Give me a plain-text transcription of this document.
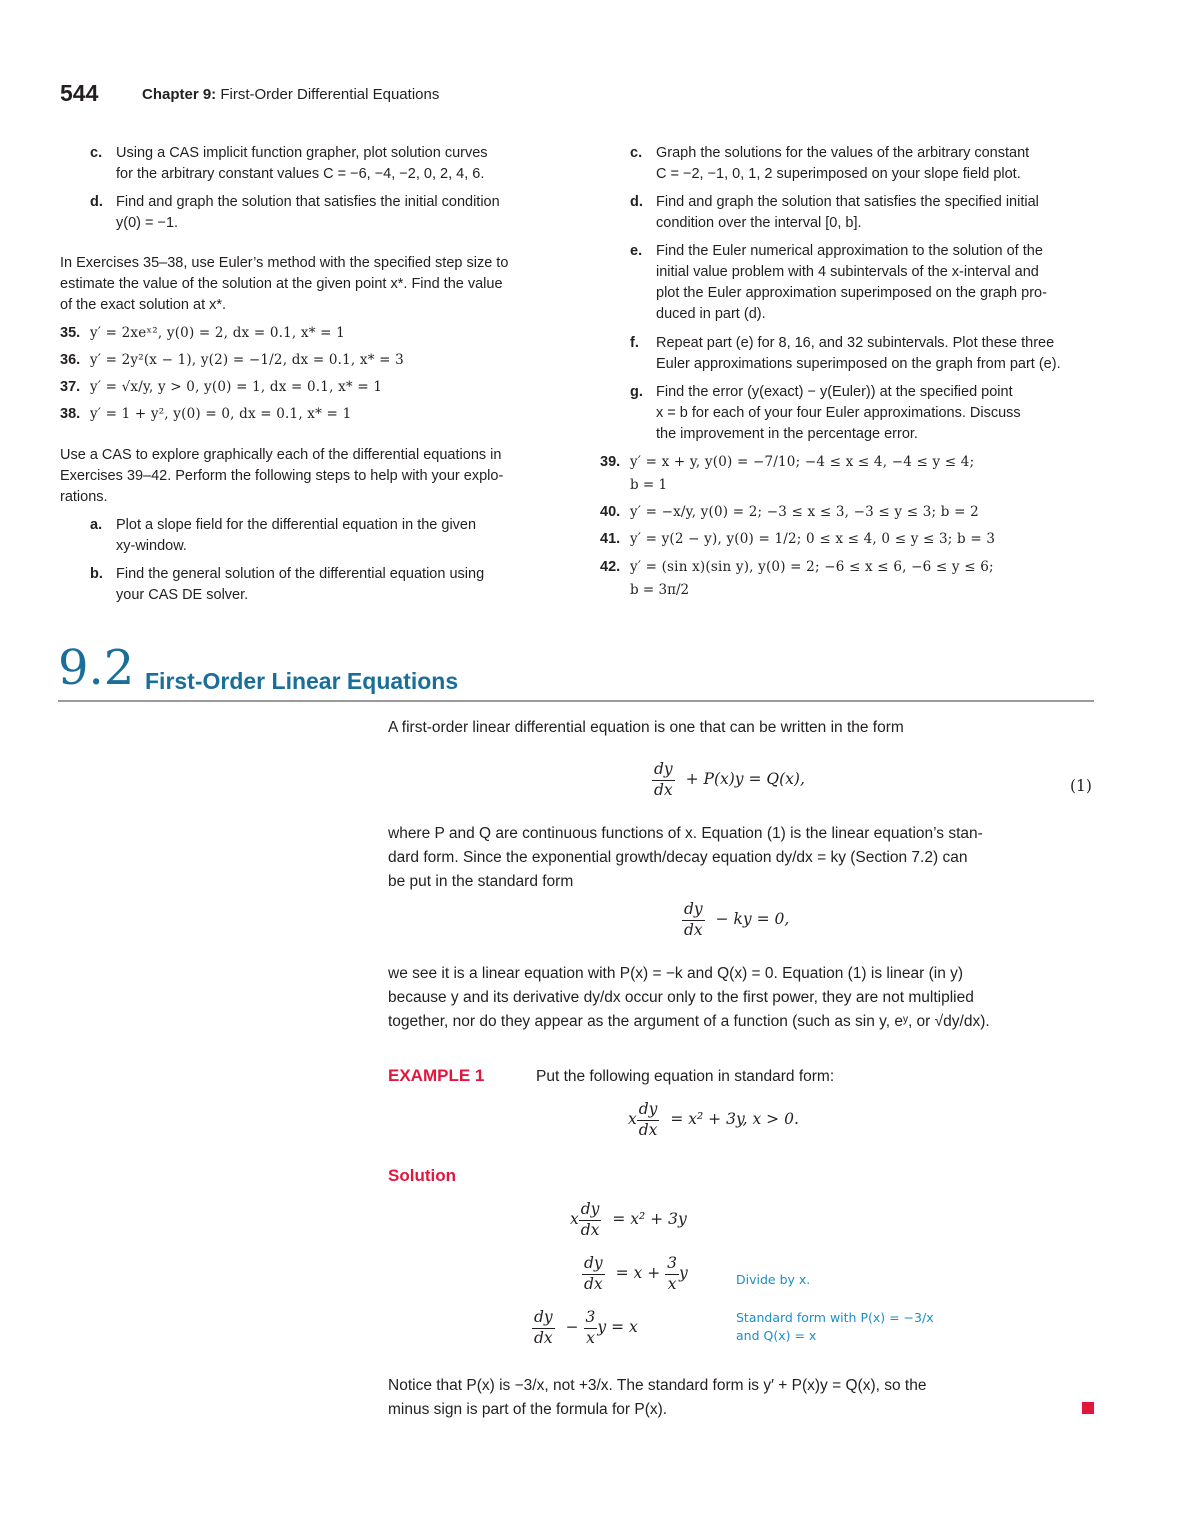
544	Chapter 9: First-Order Differential Equations
c. Using a CAS implicit function grapher, plot solution curves
for the arbitrary constant values C = −6, −4, −2, 0, 2, 4, 6.
d. Find and graph the solution that satisfies the initial condition
y(0) = −1.
In Exercises 35–38, use Euler’s method with the specified step size to
estimate the value of the solution at the given point x*. Find the value
of the exact solution at x*.
35. y′ = 2xeˣ², y(0) = 2, dx = 0.1, x* = 1
36. y′ = 2y²(x − 1), y(2) = −1/2, dx = 0.1, x* = 3
37. y′ = √x/y, y > 0, y(0) = 1, dx = 0.1, x* = 1
38. y′ = 1 + y², y(0) = 0, dx = 0.1, x* = 1
Use a CAS to explore graphically each of the differential equations in
Exercises 39–42. Perform the following steps to help with your explo-
rations.
a. Plot a slope field for the differential equation in the given
xy-window.
b. Find the general solution of the differential equation using
your CAS DE solver.
c. Graph the solutions for the values of the arbitrary constant
C = −2, −1, 0, 1, 2 superimposed on your slope field plot.
d. Find and graph the solution that satisfies the specified initial
condition over the interval [0, b].
e. Find the Euler numerical approximation to the solution of the
initial value problem with 4 subintervals of the x-interval and
plot the Euler approximation superimposed on the graph pro-
duced in part (d).
f. Repeat part (e) for 8, 16, and 32 subintervals. Plot these three
Euler approximations superimposed on the graph from part (e).
g. Find the error (y(exact) − y(Euler)) at the specified point
x = b for each of your four Euler approximations. Discuss
the improvement in the percentage error.
39. y′ = x + y, y(0) = −7/10; −4 ≤ x ≤ 4, −4 ≤ y ≤ 4;
b = 1
40. y′ = −x/y, y(0) = 2; −3 ≤ x ≤ 3, −3 ≤ y ≤ 3; b = 2
41. y′ = y(2 − y), y(0) = 1/2; 0 ≤ x ≤ 4, 0 ≤ y ≤ 3; b = 3
42. y′ = (sin x)(sin y), y(0) = 2; −6 ≤ x ≤ 6, −6 ≤ y ≤ 6;
b = 3π/2
9.2 First-Order Linear Equations
A first-order linear differential equation is one that can be written in the form
$\frac{dy}{dx} + P(x)y = Q(x)$,	(1)
where P and Q are continuous functions of x. Equation (1) is the linear equation’s stan-
dard form. Since the exponential growth/decay equation dy/dx = ky (Section 7.2) can
be put in the standard form
$\frac{dy}{dx}$ − ky = 0,
we see it is a linear equation with P(x) = −k and Q(x) = 0. Equation (1) is linear (in y)
because y and its derivative dy/dx occur only to the first power, they are not multiplied
together, nor do they appear as the argument of a function (such as sin y, eʸ, or √dy/dx).
EXAMPLE 1	Put the following equation in standard form:
x $\frac{dy}{dx} = x^2 + 3y$, x > 0.
Solution
x $\frac{dy}{dx} = x^2 + 3y$
$\frac{dy}{dx} = x + \frac{3}{x}$ y
$\frac{dy}{dx} - \frac{3}{x}$ y = x
Divide by x.
Standard form with P(x) = −3/x
and Q(x) = x
Notice that P(x) is −3/x, not +3/x. The standard form is y′ + P(x)y = Q(x), so the
minus sign is part of the formula for P(x).
